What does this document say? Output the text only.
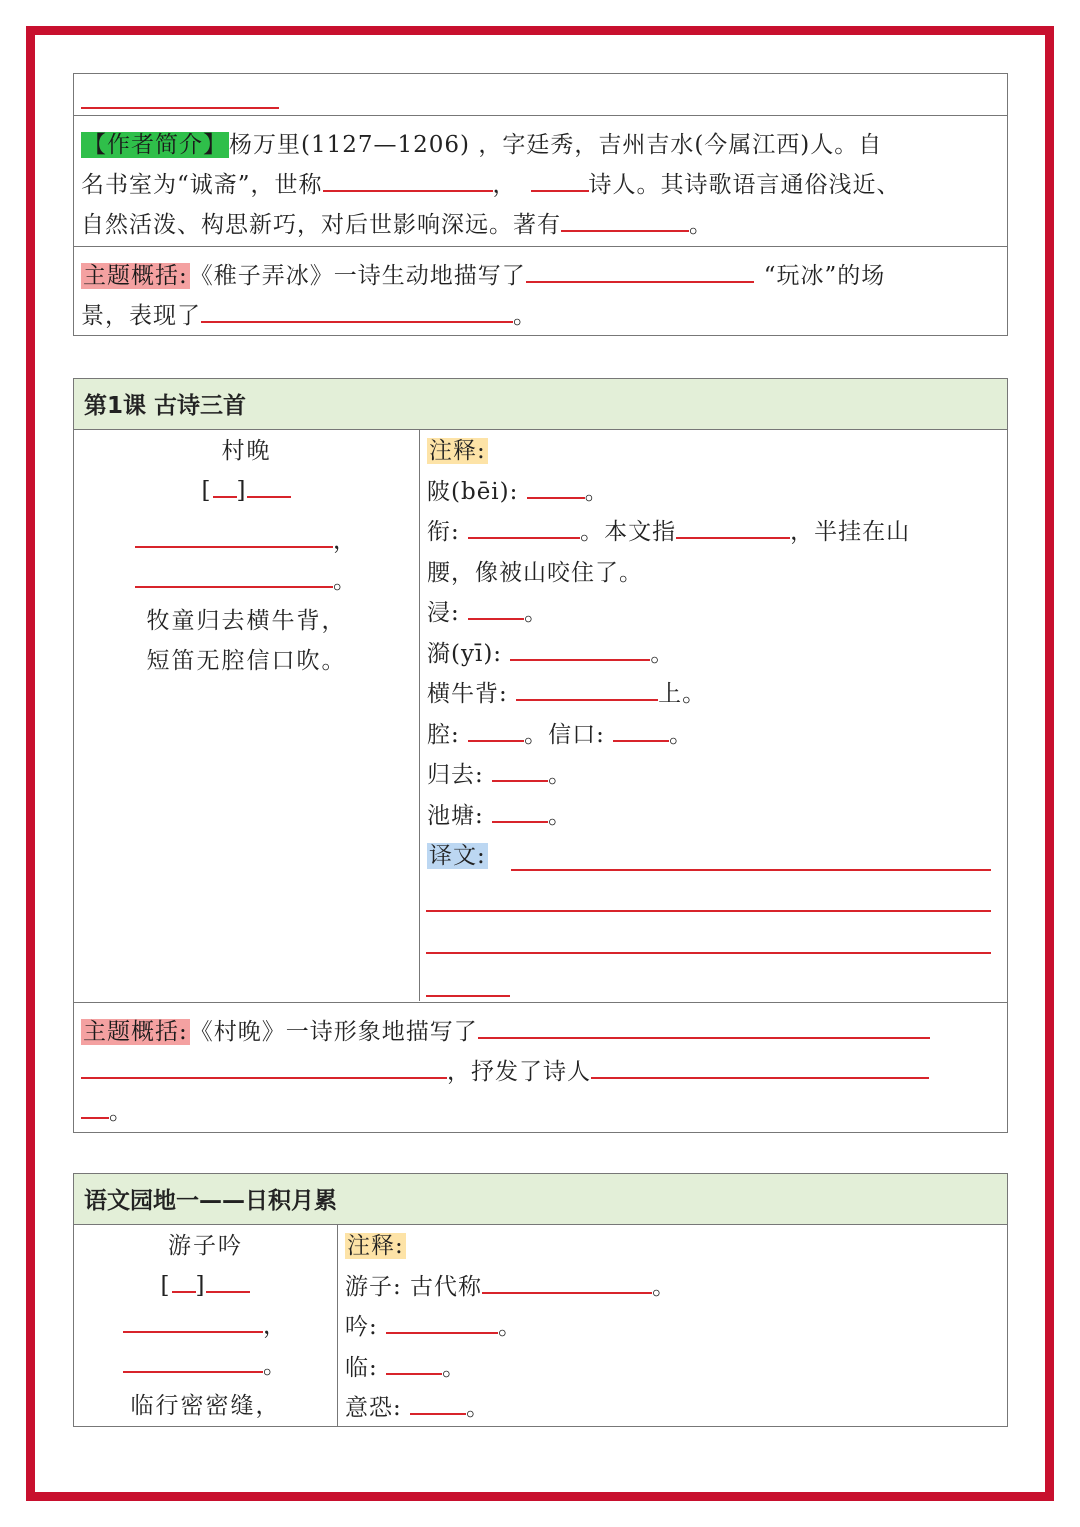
【作者简介】杨万里(1127—1206) ，字廷秀，吉州吉水(今属江西)人。自
名书室为“诚斋”，世称	，	诗人。其诗歌语言通俗浅近、
自然活泼、构思新巧，对后世影响深远。著有	。
主题概括:《稚子弄冰》一诗生动地描写了	“玩冰”的场
景，表现了	。
第1课 古诗三首
村晚
[ ]
，
。
牧童归去横牛背，
短笛无腔信口吹。
注释:
陂(bēi):	。
衔:	。本文指	，半挂在山
腰，像被山咬住了。
浸:	。
漪(yī):	。
横牛背:	上。
腔:	。信口:	。
归去:	。
池塘:	。
译文:
主题概括:《村晚》一诗形象地描写了
，抒发了诗人
。
语文园地一——日积月累
游子吟
[ ]
，
。
临行密密缝，
注释:
游子: 古代称	。
吟:	。
临:	。
意恐:	。
